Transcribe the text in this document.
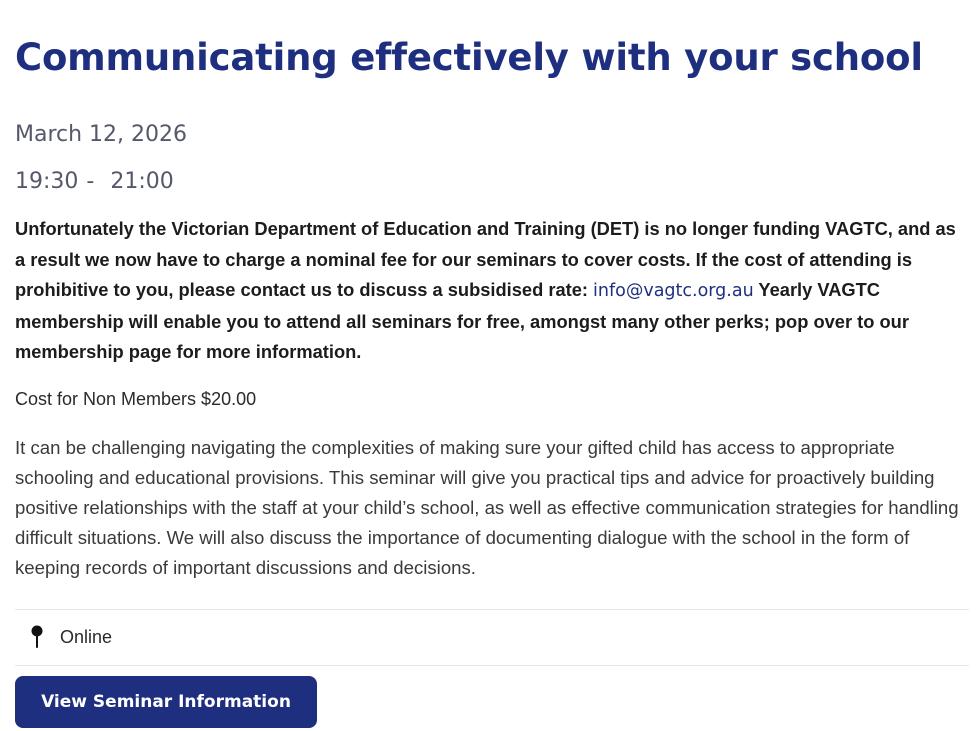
Communicating effectively with your school
March 12, 2026
19:30 - 21:00

Unfortunately the Victorian Department of Education and Training (DET) is no longer funding VAGTC, and as a result we now have to charge a nominal fee for our seminars to cover costs. If the cost of attending is prohibitive to you, please contact us to discuss a subsidised rate: info@vagtc.org.au Yearly VAGTC membership will enable you to attend all seminars for free, amongst many other perks; pop over to our membership page for more information.

Cost for Non Members $20.00

It can be challenging navigating the complexities of making sure your gifted child has access to appropriate schooling and educational provisions. This seminar will give you practical tips and advice for proactively building positive relationships with the staff at your child’s school, as well as effective communication strategies for handling difficult situations. We will also discuss the importance of documenting dialogue with the school in the form of keeping records of important discussions and decisions.

Online
View Seminar Information
